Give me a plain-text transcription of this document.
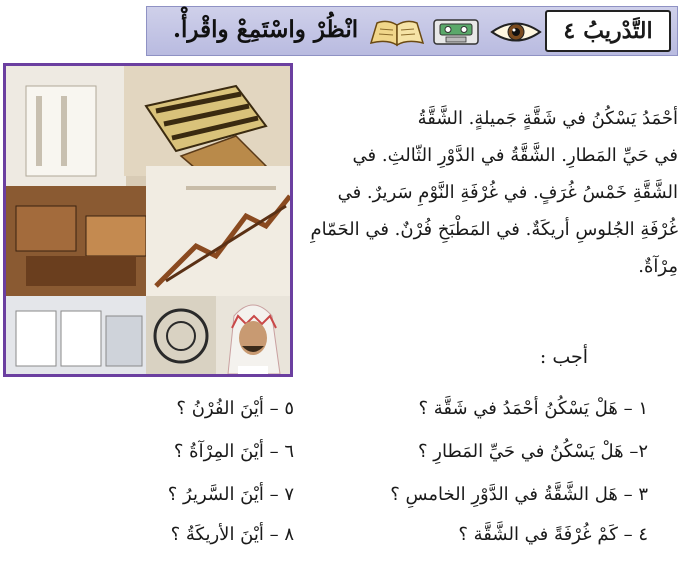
التَّدْريبُ
٤
انْظُرْ واسْتَمِعْ واقْرأْ.
أحْمَدُ يَسْكُنُ في شَقَّةٍ جَميلةٍ. الشَّقَّةُ
في حَيِّ المَطارِ. الشَّقَّةُ في الدَّوْرِ الثّالثِ. في
الشَّقَّةِ خَمْسُ غُرَفٍ. في غُرْفَةِ النَّوْمِ سَريرٌ. في
غُرْفَةِ الجُلوسِ أريكَةٌ. في المَطْبَخِ فُرْنٌ. في الحَمّامِ
مِرْآةٌ.
أجب :
١ – هَلْ يَسْكُنُ أحْمَدُ في شَقَّة ؟
٢– هَلْ يَسْكُنُ في حَيِّ المَطارِ ؟
٣ – هَل الشَّقَّةُ في الدَّوْرِ الخامسِ ؟
٤ – كَمْ غُرْفَةً في الشَّقَّة ؟
٥ – أيْنَ الفُرْنُ ؟
٦ – أيْنَ المِرْآةُ ؟
٧ – أيْنَ السَّريرُ ؟
٨ – أيْنَ الأريكَةُ ؟
